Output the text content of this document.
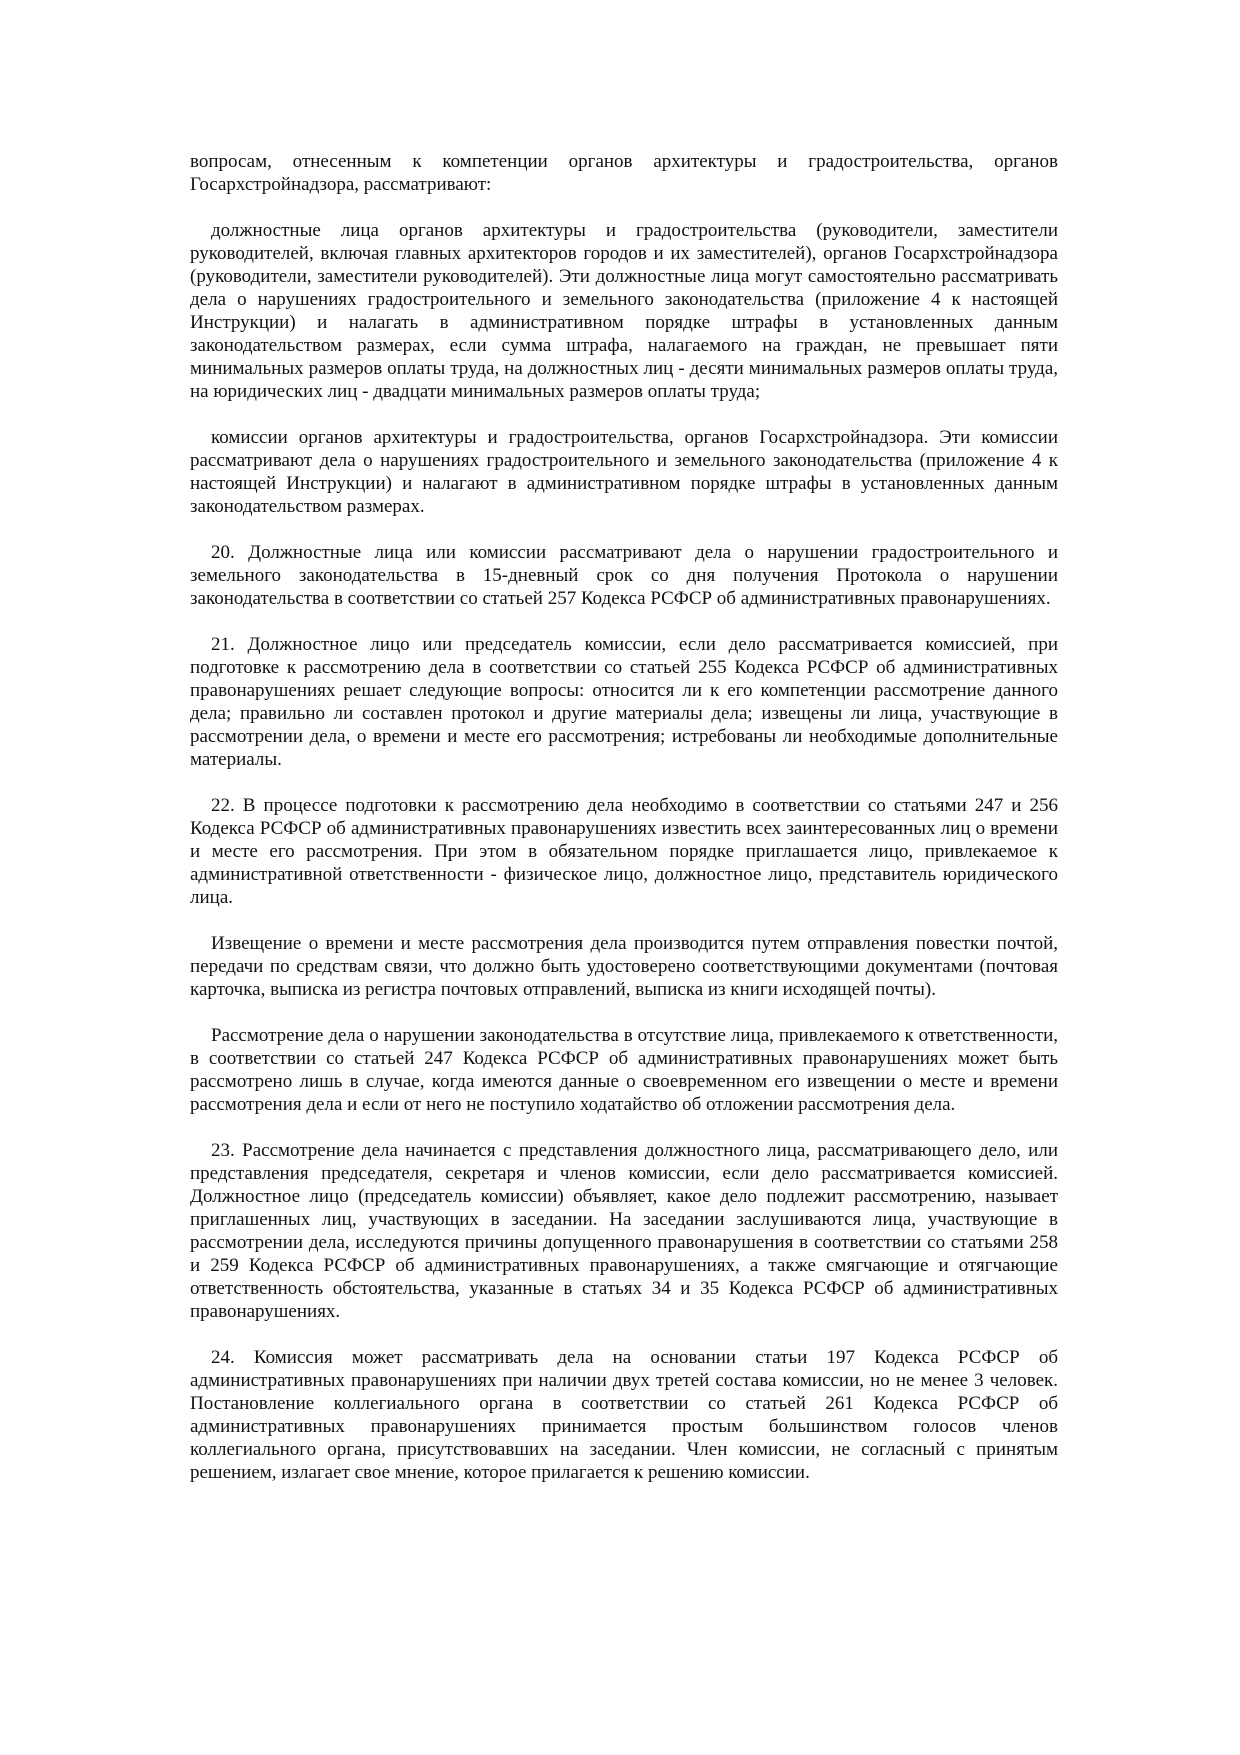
вопросам, отнесенным к компетенции органов архитектуры и градостроительства, органов Госархстройнадзора, рассматривают:

должностные лица органов архитектуры и градостроительства (руководители, заместители руководителей, включая главных архитекторов городов и их заместителей), органов Госархстройнадзора (руководители, заместители руководителей). Эти должностные лица могут самостоятельно рассматривать дела о нарушениях градостроительного и земельного законодательства (приложение 4 к настоящей Инструкции) и налагать в административном порядке штрафы в установленных данным законодательством размерах, если сумма штрафа, налагаемого на граждан, не превышает пяти минимальных размеров оплаты труда, на должностных лиц - десяти минимальных размеров оплаты труда, на юридических лиц - двадцати минимальных размеров оплаты труда;

комиссии органов архитектуры и градостроительства, органов Госархстройнадзора. Эти комиссии рассматривают дела о нарушениях градостроительного и земельного законодательства (приложение 4 к настоящей Инструкции) и налагают в административном порядке штрафы в установленных данным законодательством размерах.

20. Должностные лица или комиссии рассматривают дела о нарушении градостроительного и земельного законодательства в 15-дневный срок со дня получения Протокола о нарушении законодательства в соответствии со статьей 257 Кодекса РСФСР об административных правонарушениях.

21. Должностное лицо или председатель комиссии, если дело рассматривается комиссией, при подготовке к рассмотрению дела в соответствии со статьей 255 Кодекса РСФСР об административных правонарушениях решает следующие вопросы: относится ли к его компетенции рассмотрение данного дела; правильно ли составлен протокол и другие материалы дела; извещены ли лица, участвующие в рассмотрении дела, о времени и месте его рассмотрения; истребованы ли необходимые дополнительные материалы.

22. В процессе подготовки к рассмотрению дела необходимо в соответствии со статьями 247 и 256 Кодекса РСФСР об административных правонарушениях известить всех заинтересованных лиц о времени и месте его рассмотрения. При этом в обязательном порядке приглашается лицо, привлекаемое к административной ответственности - физическое лицо, должностное лицо, представитель юридического лица.

Извещение о времени и месте рассмотрения дела производится путем отправления повестки почтой, передачи по средствам связи, что должно быть удостоверено соответствующими документами (почтовая карточка, выписка из регистра почтовых отправлений, выписка из книги исходящей почты).

Рассмотрение дела о нарушении законодательства в отсутствие лица, привлекаемого к ответственности, в соответствии со статьей 247 Кодекса РСФСР об административных правонарушениях может быть рассмотрено лишь в случае, когда имеются данные о своевременном его извещении о месте и времени рассмотрения дела и если от него не поступило ходатайство об отложении рассмотрения дела.

23. Рассмотрение дела начинается с представления должностного лица, рассматривающего дело, или представления председателя, секретаря и членов комиссии, если дело рассматривается комиссией. Должностное лицо (председатель комиссии) объявляет, какое дело подлежит рассмотрению, называет приглашенных лиц, участвующих в заседании. На заседании заслушиваются лица, участвующие в рассмотрении дела, исследуются причины допущенного правонарушения в соответствии со статьями 258 и 259 Кодекса РСФСР об административных правонарушениях, а также смягчающие и отягчающие ответственность обстоятельства, указанные в статьях 34 и 35 Кодекса РСФСР об административных правонарушениях.

24. Комиссия может рассматривать дела на основании статьи 197 Кодекса РСФСР об административных правонарушениях при наличии двух третей состава комиссии, но не менее 3 человек. Постановление коллегиального органа в соответствии со статьей 261 Кодекса РСФСР об административных правонарушениях принимается простым большинством голосов членов коллегиального органа, присутствовавших на заседании. Член комиссии, не согласный с принятым решением, излагает свое мнение, которое прилагается к решению комиссии.
